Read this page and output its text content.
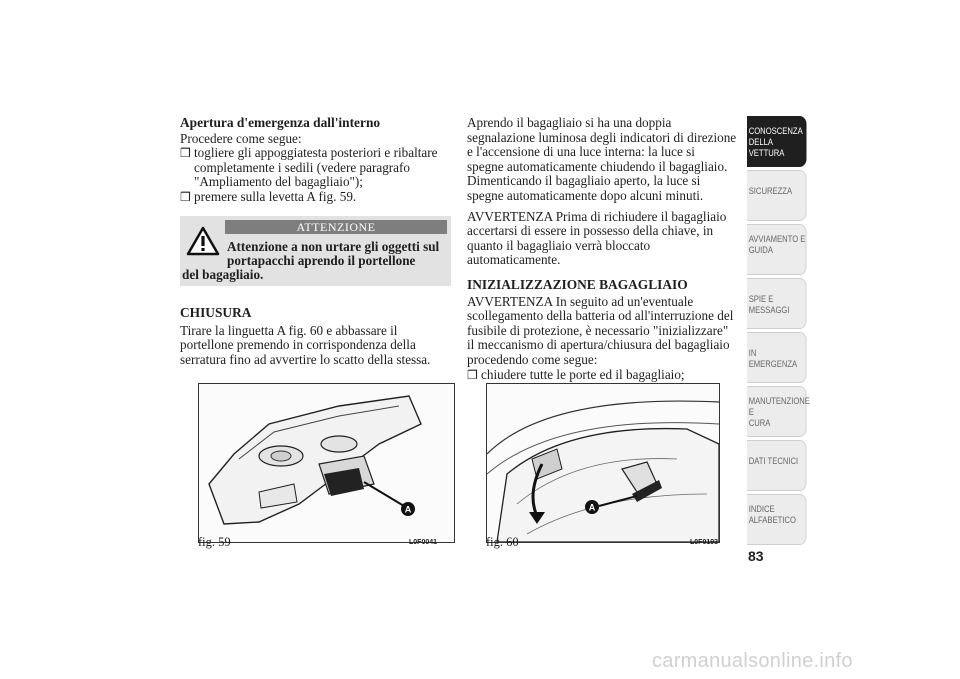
Apertura d'emergenza dall'interno

Procedere come segue:

❒ togliere gli appoggiatesta posteriori e ribaltare

completamente i sedili (vedere paragrafo

"Ampliamento del bagagliaio");

❒ premere sulla levetta A fig. 59.

ATTENZIONE

Attenzione a non urtare gli oggetti sul

portapacchi aprendo il portellone

del bagagliaio.

CHIUSURA

Tirare la linguetta A fig. 60 e abbassare il

portellone premendo in corrispondenza della

serratura fino ad avvertire lo scatto della stessa.

Aprendo il bagagliaio si ha una doppia

segnalazione luminosa degli indicatori di direzione

e l'accensione di una luce interna: la luce si

spegne automaticamente chiudendo il bagagliaio.

Dimenticando il bagagliaio aperto, la luce si

spegne automaticamente dopo alcuni minuti.

AVVERTENZA Prima di richiudere il bagagliaio

accertarsi di essere in possesso della chiave, in

quanto il bagagliaio verrà bloccato

automaticamente.

INIZIALIZZAZIONE BAGAGLIAIO

AVVERTENZA In seguito ad un'eventuale

scollegamento della batteria od all'interruzione del

fusibile di protezione, è necessario "inizializzare"

il meccanismo di apertura/chiusura del bagagliaio

procedendo come segue:

❒ chiudere tutte le porte ed il bagagliaio;

A
fig. 59	L0F0041
A
fig. 60	L0F0193
CONOSCENZA
DELLA VETTURA
SICUREZZA
AVVIAMENTO E
GUIDA
SPIE E MESSAGGI
IN EMERGENZA
MANUTENZIONE E
CURA
DATI TECNICI
INDICE
ALFABETICO
83
carmanualsonline.info
